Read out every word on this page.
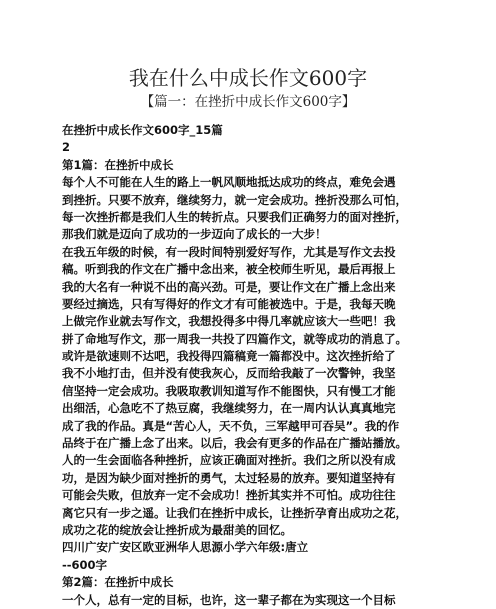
我在什么中成长作文600字
【篇一：在挫折中成长作文600字】
在挫折中成长作文600字_15篇
2
第1篇：在挫折中成长
每个人不可能在人生的路上一帆风顺地抵达成功的终点，难免会遇
到挫折。只要不放弃，继续努力，就一定会成功。挫折没那么可怕，
每一次挫折都是我们人生的转折点。只要我们正确努力的面对挫折，
那我们就是迈向了成功的一步迈向了成长的一大步！
在我五年级的时候，有一段时间特别爱好写作，尤其是写作文去投
稿。听到我的作文在广播中念出来，被全校师生听见，最后再报上
我的大名有一种说不出的高兴劲。可是，要让作文在广播上念出来
要经过摘选，只有写得好的作文才有可能被选中。于是，我每天晚
上做完作业就去写作文，我想投得多中得几率就应该大一些吧！我
拼了命地写作文，那一周我一共投了四篇作文，就等成功的消息了。
或许是欲速则不达吧，我投得四篇稿竟一篇都没中。这次挫折给了
我不小地打击，但并没有使我灰心，反而给我敲了一次警钟，我坚
信坚持一定会成功。我吸取教训知道写作不能图快，只有慢工才能
出细活，心急吃不了热豆腐，我继续努力，在一周内认认真真地完
成了我的作品。真是“苦心人，天不负，三军越甲可吞吴”。我的作
品终于在广播上念了出来。以后，我会有更多的作品在广播站播放。
人的一生会面临各种挫折，应该正确面对挫折。我们之所以没有成
功，是因为缺少面对挫折的勇气，太过轻易的放弃。要知道坚持有
可能会失败，但放弃一定不会成功！挫折其实并不可怕。成功往往
离它只有一步之遥。让我们在挫折中成长，让挫折孕育出成功之花，
成功之花的绽放会让挫折成为最甜美的回忆。
四川广安广安区欧亚洲华人思源小学六年级:唐立
--600字
第2篇：在挫折中成长
一个人，总有一定的目标，也许，这一辈子都在为实现这一个目标
